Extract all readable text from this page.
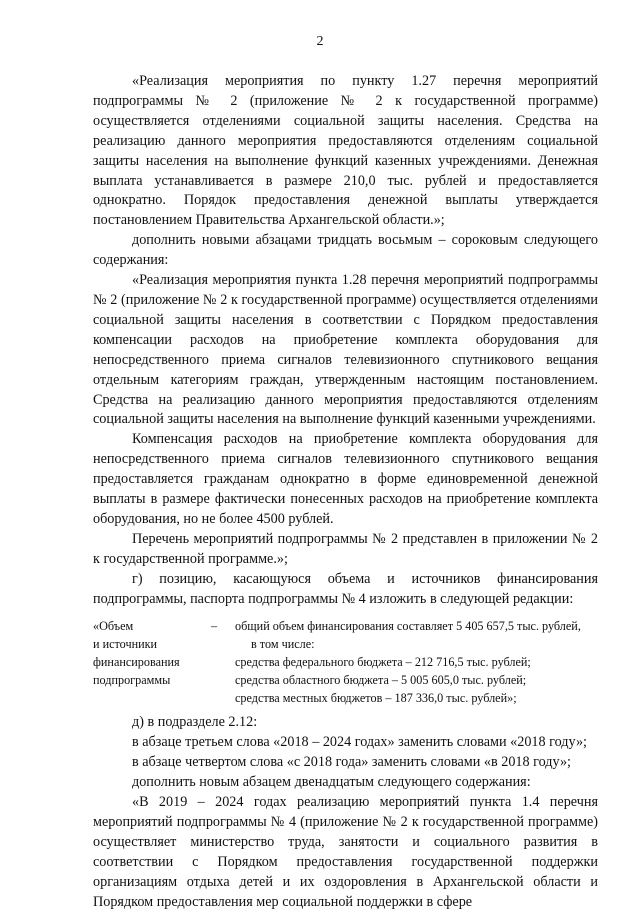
2

«Реализация мероприятия по пункту 1.27 перечня мероприятий подпрограммы № 2 (приложение № 2 к государственной программе) осуществляется отделениями социальной защиты населения. Средства на реализацию данного мероприятия предоставляются отделениям социальной защиты населения на выполнение функций казенных учреждениями. Денежная выплата устанавливается в размере 210,0 тыс. рублей и предоставляется однократно. Порядок предоставления денежной выплаты утверждается постановлением Правительства Архангельской области.»;

дополнить новыми абзацами тридцать восьмым – сороковым следующего содержания:

«Реализация мероприятия пункта 1.28 перечня мероприятий подпрограммы № 2 (приложение № 2 к государственной программе) осуществляется отделениями социальной защиты населения в соответствии с Порядком предоставления компенсации расходов на приобретение комплекта оборудования для непосредственного приема сигналов телевизионного спутникового вещания отдельным категориям граждан, утвержденным настоящим постановлением. Средства на реализацию данного мероприятия предоставляются отделениям социальной защиты населения на выполнение функций казенными учреждениями.

Компенсация расходов на приобретение комплекта оборудования для непосредственного приема сигналов телевизионного спутникового вещания предоставляется гражданам однократно в форме единовременной денежной выплаты в размере фактически понесенных расходов на приобретение комплекта оборудования, но не более 4500 рублей.

Перечень мероприятий подпрограммы № 2 представлен в приложении № 2 к государственной программе.»;

г) позицию, касающуюся объема и источников финансирования подпрограммы, паспорта подпрограммы № 4 изложить в следующей редакции:

«Объем
и источники
финансирования
подпрограммы
– общий объем финансирования составляет 5 405 657,5 тыс. рублей,
в том числе:
средства федерального бюджета – 212 716,5 тыс. рублей;
средства областного бюджета – 5 005 605,0 тыс. рублей;
средства местных бюджетов – 187 336,0 тыс. рублей»;

д) в подразделе 2.12:

в абзаце третьем слова «2018 – 2024 годах» заменить словами «2018 году»;

в абзаце четвертом слова «с 2018 года» заменить словами «в 2018 году»;

дополнить новым абзацем двенадцатым следующего содержания:

«В 2019 – 2024 годах реализацию мероприятий пункта 1.4 перечня мероприятий подпрограммы № 4 (приложение № 2 к государственной программе) осуществляет министерство труда, занятости и социального развития в соответствии с Порядком предоставления государственной поддержки организациям отдыха детей и их оздоровления в Архангельской области и Порядком предоставления мер социальной поддержки в сфере
